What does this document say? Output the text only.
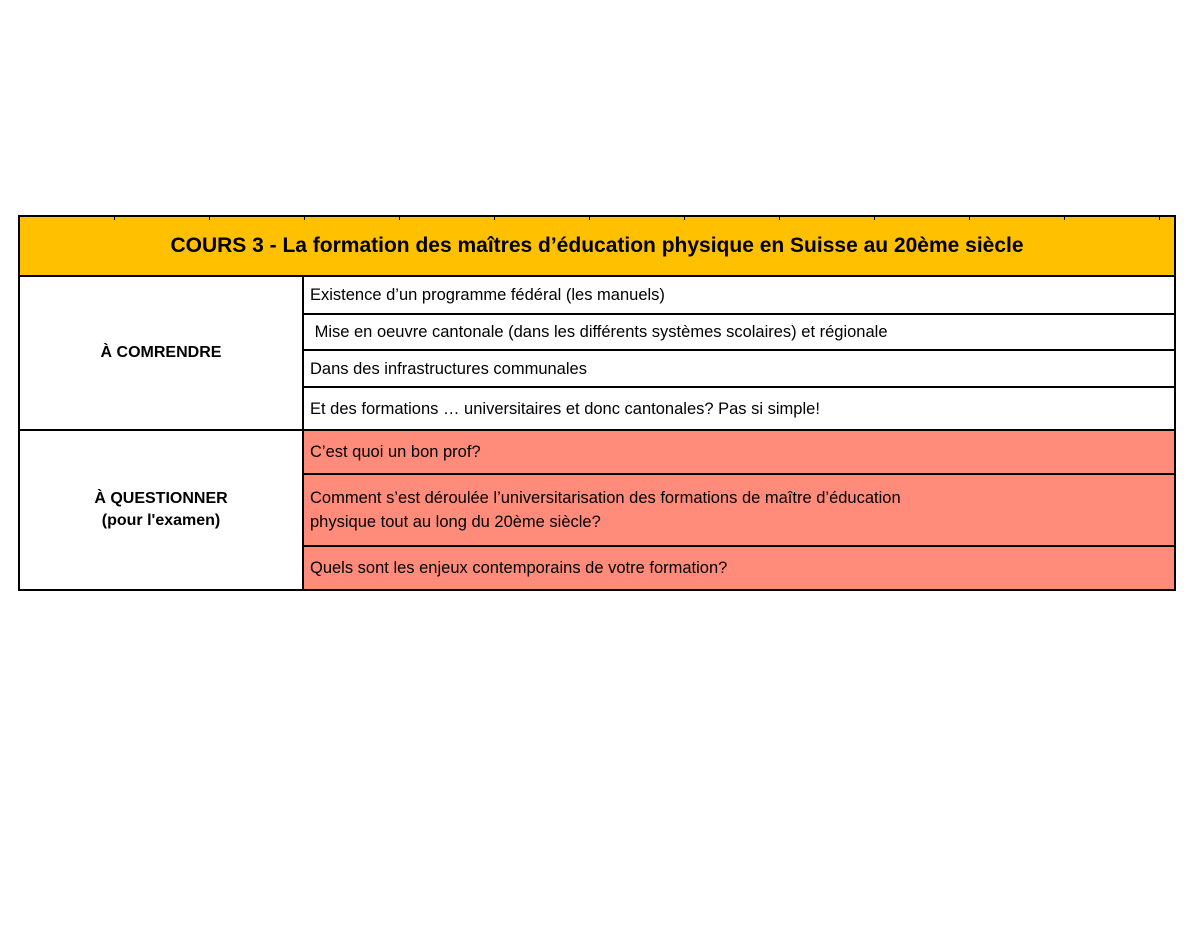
COURS 3 - La formation des maîtres d’éducation physique en Suisse au 20ème siècle
À COMRENDRE
Existence d’un programme fédéral (les manuels)
Mise en oeuvre cantonale (dans les différents systèmes scolaires) et régionale
Dans des infrastructures communales
Et des formations … universitaires et donc cantonales? Pas si simple!
À QUESTIONNER
(pour l'examen)
C’est quoi un bon prof?
Comment s’est déroulée l’universitarisation des formations de maître d’éducation
physique tout au long du 20ème siècle?
Quels sont les enjeux contemporains de votre formation?
